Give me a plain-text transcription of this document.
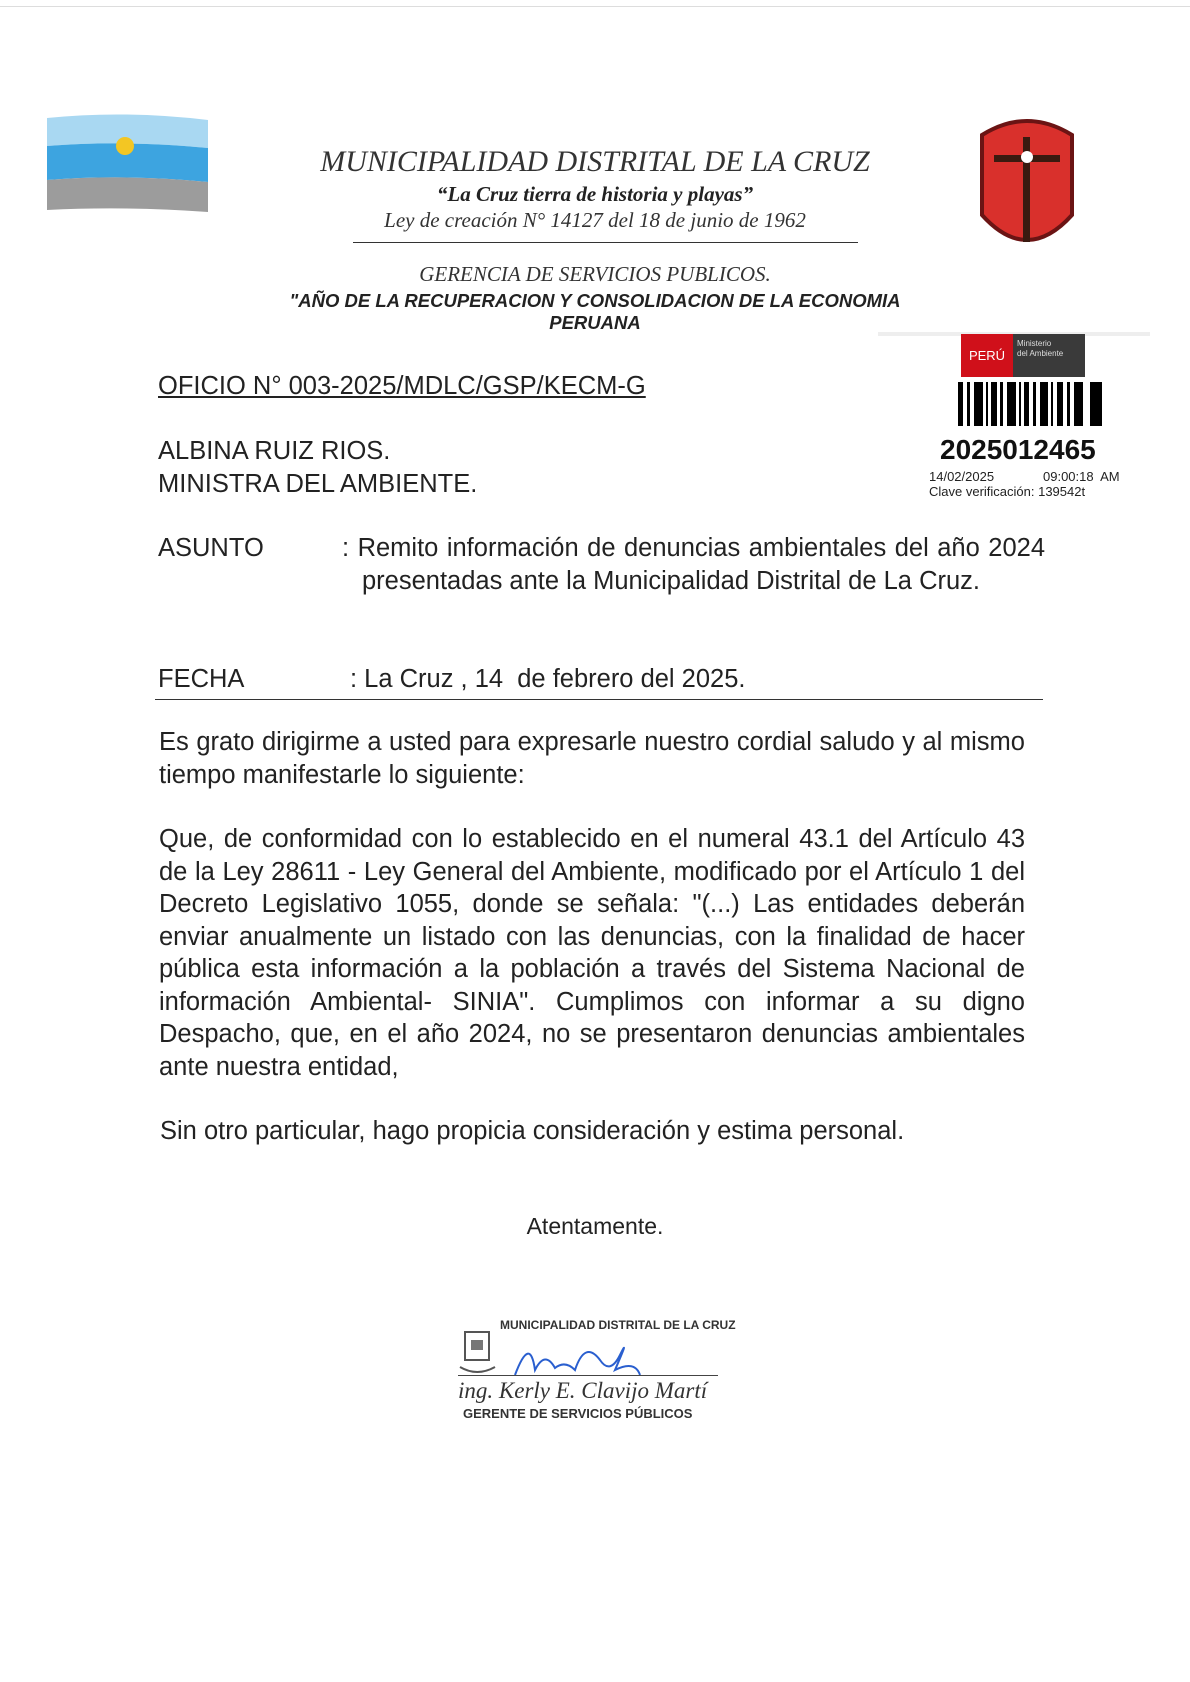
MUNICIPALIDAD DISTRITAL DE LA CRUZ
“La Cruz tierra de historia y playas”
Ley de creación N° 14127 del 18 de junio de 1962
GERENCIA DE SERVICIOS PUBLICOS.
"AÑO DE LA RECUPERACION Y CONSOLIDACION DE LA ECONOMIA PERUANA
PERÚ
Ministerio
del Ambiente
2025012465
14/02/2025	09:00:18  AM
Clave verificación: 139542t
OFICIO N° 003-2025/MDLC/GSP/KECM-G
ALBINA RUIZ RIOS.
MINISTRA DEL AMBIENTE.
ASUNTO	: Remito información de denuncias ambientales del año 2024 presentadas ante la Municipalidad Distrital de La Cruz.
FECHA	: La Cruz , 14  de febrero del 2025.
Es grato dirigirme a usted para expresarle nuestro cordial saludo y al mismo tiempo manifestarle lo siguiente:
Que, de conformidad con lo establecido en el numeral 43.1 del Artículo 43 de la Ley 28611 - Ley General del Ambiente, modificado por el Artículo 1 del Decreto Legislativo 1055, donde se señala: "(...) Las entidades deberán enviar anualmente un listado con las denuncias, con la finalidad de hacer pública esta información a la población a través del Sistema Nacional de información Ambiental- SINIA". Cumplimos con informar a su digno Despacho, que, en el año 2024, no se presentaron denuncias ambientales ante nuestra entidad,
Sin otro particular, hago propicia consideración y estima personal.
Atentamente.
MUNICIPALIDAD DISTRITAL DE LA CRUZ
ing. Kerly E. Clavijo Martí
GERENTE DE SERVICIOS PÚBLICOS
